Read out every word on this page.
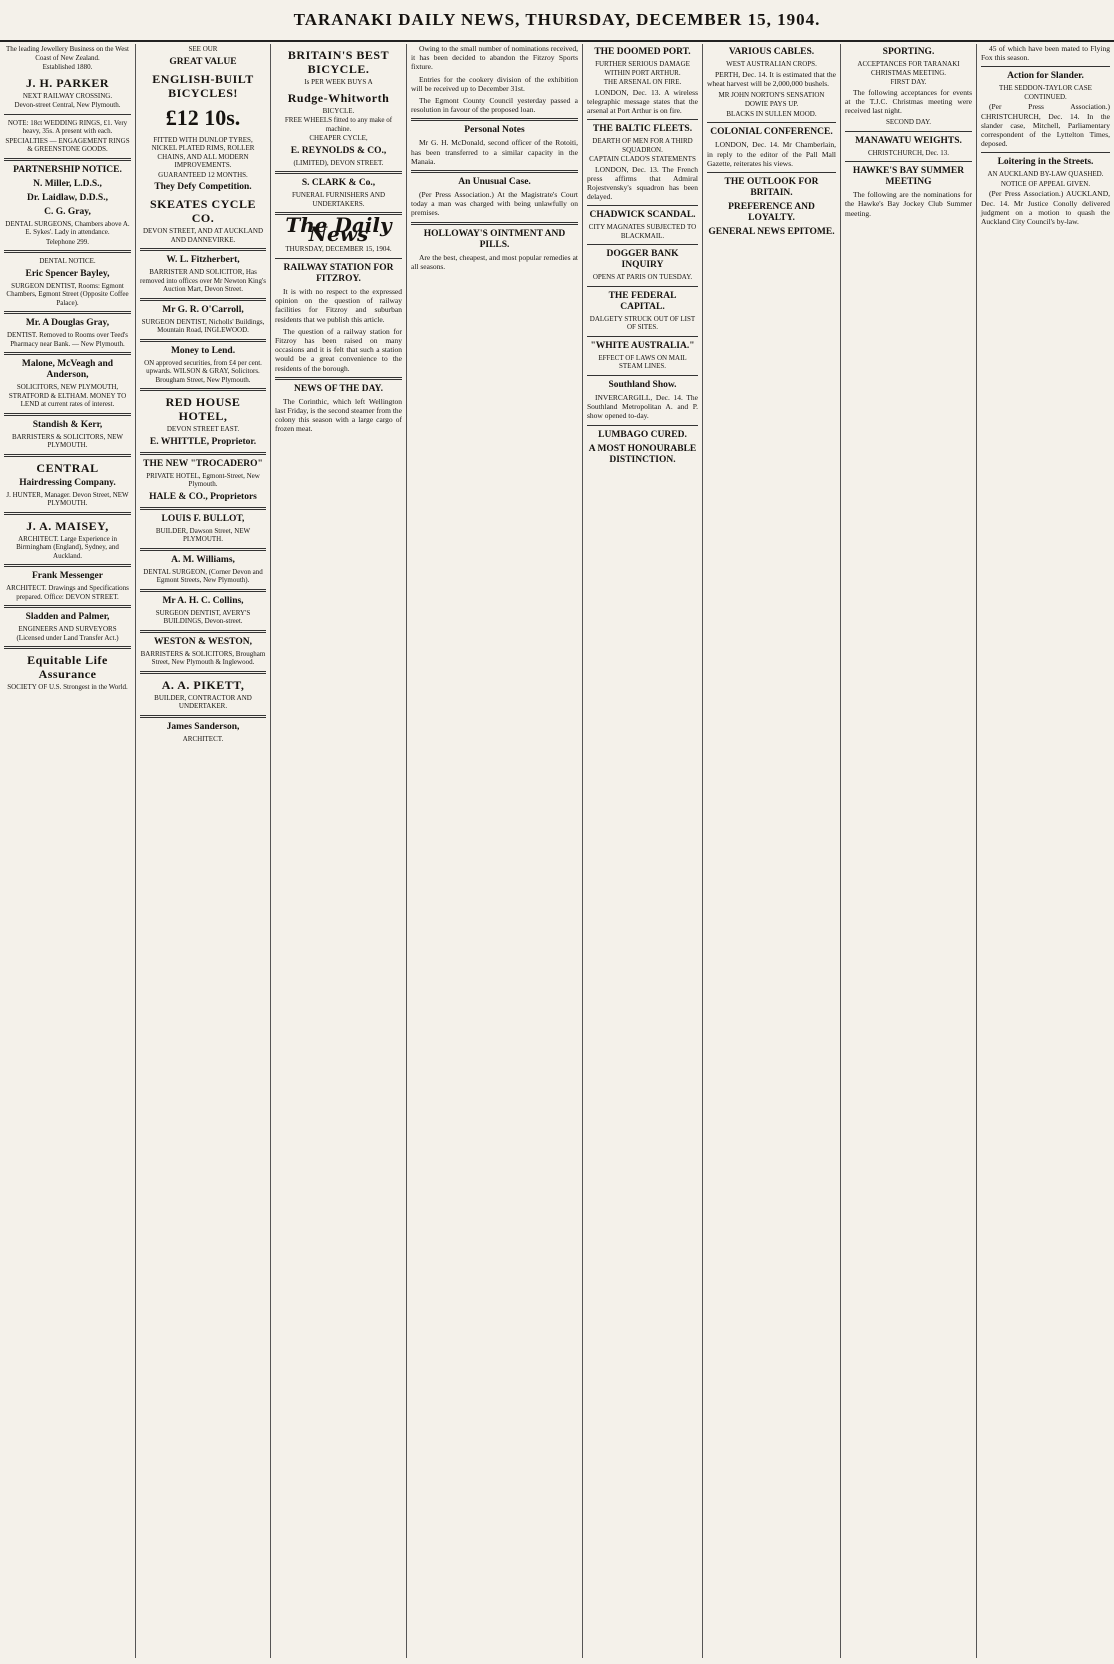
TARANAKI DAILY NEWS, THURSDAY, DECEMBER 15, 1904.
The leading Jewellery Business on the West Coast of New Zealand.
Established 1880.
J. H. PARKER
NEXT RAILWAY CROSSING.
Devon-street Central, New Plymouth.
NOTE: 18ct WEDDING RINGS, £1. Very heavy, 35s. A present with each.
SPECIALTIES — ENGAGEMENT RINGS & GREENSTONE GOODS.
PARTNERSHIP NOTICE.
N. Miller, L.D.S.,
Dr. Laidlaw, D.D.S.,
C. G. Gray,
DENTAL SURGEONS, Chambers above A. E. Sykes'. Lady in attendance.
Telephone 299.
DENTAL NOTICE.
Eric Spencer Bayley,
SURGEON DENTIST, Rooms: Egmont Chambers, Egmont Street (Opposite Coffee Palace).
Mr. A Douglas Gray,
DENTIST. Removed to Rooms over Teed's Pharmacy near Bank. — New Plymouth.
Malone, McVeagh and Anderson,
SOLICITORS, NEW PLYMOUTH, STRATFORD & ELTHAM. MONEY TO LEND at current rates of interest.
Standish & Kerr,
BARRISTERS & SOLICITORS, NEW PLYMOUTH.
CENTRAL
Hairdressing Company.
J. HUNTER, Manager. Devon Street, NEW PLYMOUTH.
J. A. MAISEY,
ARCHITECT. Large Experience in Birmingham (England), Sydney, and Auckland.
Frank Messenger
ARCHITECT. Drawings and Specifications prepared. Office: DEVON STREET.
Sladden and Palmer,
ENGINEERS AND SURVEYORS (Licensed under Land Transfer Act.)
Equitable Life Assurance
SOCIETY OF U.S. Strongest in the World.
SEE OUR
GREAT VALUE
ENGLISH-BUILT BICYCLES!
£12 10s.
FITTED WITH DUNLOP TYRES, NICKEL PLATED RIMS, ROLLER CHAINS, AND ALL MODERN IMPROVEMENTS.
GUARANTEED 12 MONTHS.
They Defy Competition.
SKEATES CYCLE CO.
DEVON STREET, AND AT AUCKLAND AND DANNEVIRKE.
W. L. Fitzherbert,
BARRISTER AND SOLICITOR, Has removed into offices over Mr Newton King's Auction Mart, Devon Street.
Mr G. R. O'Carroll,
SURGEON DENTIST, Nicholls' Buildings, Mountain Road, INGLEWOOD.
Money to Lend.
ON approved securities, from £4 per cent. upwards. WILSON & GRAY, Solicitors. Brougham Street, New Plymouth.
RED HOUSE HOTEL,
DEVON STREET EAST.
E. WHITTLE, Proprietor.
THE NEW "TROCADERO"
PRIVATE HOTEL, Egmont-Street, New Plymouth.
HALE & CO., Proprietors
LOUIS F. BULLOT,
BUILDER, Dawson Street, NEW PLYMOUTH.
A. M. Williams,
DENTAL SURGEON, (Corner Devon and Egmont Streets, New Plymouth).
Mr A. H. C. Collins,
SURGEON DENTIST, AVERY'S BUILDINGS, Devon-street.
WESTON & WESTON,
BARRISTERS & SOLICITORS, Brougham Street, New Plymouth & Inglewood.
A. A. PIKETT,
BUILDER, CONTRACTOR AND UNDERTAKER.
James Sanderson,
ARCHITECT.
BRITAIN'S BEST BICYCLE.
Is PER WEEK BUYS A
Rudge-Whitworth
BICYCLE.
FREE WHEELS fitted to any make of machine.
CHEAPER CYCLE,
E. REYNOLDS & CO.,
(LIMITED), DEVON STREET.
S. CLARK & Co.,
FUNERAL FURNISHERS AND UNDERTAKERS.
The Daily News
THURSDAY, DECEMBER 15, 1904.
RAILWAY STATION FOR FITZROY.

It is with no respect to the expressed opinion on the question of railway facilities for Fitzroy and suburban residents that we publish this article.

The question of a railway station for Fitzroy has been raised on many occasions and it is felt that such a station would be a great convenience to the residents of the borough.

NEWS OF THE DAY.

The Corinthic, which left Wellington last Friday, is the second steamer from the colony this season with a large cargo of frozen meat.

Owing to the small number of nominations received, it has been decided to abandon the Fitzroy Sports fixture.

Entries for the cookery division of the exhibition will be received up to December 31st.

The Egmont County Council yesterday passed a resolution in favour of the proposed loan.

Personal Notes

Mr G. H. McDonald, second officer of the Rotoiti, has been transferred to a similar capacity in the Manaia.

An Unusual Case.

(Per Press Association.) At the Magistrate's Court today a man was charged with being unlawfully on premises.

HOLLOWAY'S OINTMENT AND PILLS.

Are the best, cheapest, and most popular remedies at all seasons.

THE DOOMED PORT.
FURTHER SERIOUS DAMAGE WITHIN PORT ARTHUR.
THE ARSENAL ON FIRE.

LONDON, Dec. 13. A wireless telegraphic message states that the arsenal at Port Arthur is on fire.

THE BALTIC FLEETS.
DEARTH OF MEN FOR A THIRD SQUADRON.
CAPTAIN CLADO'S STATEMENTS

LONDON, Dec. 13. The French press affirms that Admiral Rojestvensky's squadron has been delayed.

CHADWICK SCANDAL.
CITY MAGNATES SUBJECTED TO BLACKMAIL.
DOGGER BANK INQUIRY
OPENS AT PARIS ON TUESDAY.
THE FEDERAL CAPITAL.
DALGETY STRUCK OUT OF LIST OF SITES.
"WHITE AUSTRALIA."
EFFECT OF LAWS ON MAIL STEAM LINES.
Southland Show.

INVERCARGILL, Dec. 14. The Southland Metropolitan A. and P. show opened to-day.

LUMBAGO CURED.
A MOST HONOURABLE DISTINCTION.
VARIOUS CABLES.
WEST AUSTRALIAN CROPS.

PERTH, Dec. 14. It is estimated that the wheat harvest will be 2,000,000 bushels.

MR JOHN NORTON'S SENSATION
DOWIE PAYS UP.
BLACKS IN SULLEN MOOD.
COLONIAL CONFERENCE.

LONDON, Dec. 14. Mr Chamberlain, in reply to the editor of the Pall Mall Gazette, reiterates his views.

THE OUTLOOK FOR BRITAIN.
PREFERENCE AND LOYALTY.
GENERAL NEWS EPITOME.
SPORTING.
ACCEPTANCES FOR TARANAKI CHRISTMAS MEETING.
FIRST DAY.

The following acceptances for events at the T.J.C. Christmas meeting were received last night.

SECOND DAY.
MANAWATU WEIGHTS.
CHRISTCHURCH, Dec. 13.
HAWKE'S BAY SUMMER MEETING

The following are the nominations for the Hawke's Bay Jockey Club Summer meeting.

45 of which have been mated to Flying Fox this season.

Action for Slander.
THE SEDDON-TAYLOR CASE CONTINUED.

(Per Press Association.) CHRISTCHURCH, Dec. 14. In the slander case, Mitchell, Parliamentary correspondent of the Lyttelton Times, deposed.

Loitering in the Streets.
AN AUCKLAND BY-LAW QUASHED.
NOTICE OF APPEAL GIVEN.

(Per Press Association.) AUCKLAND, Dec. 14. Mr Justice Conolly delivered judgment on a motion to quash the Auckland City Council's by-law.
